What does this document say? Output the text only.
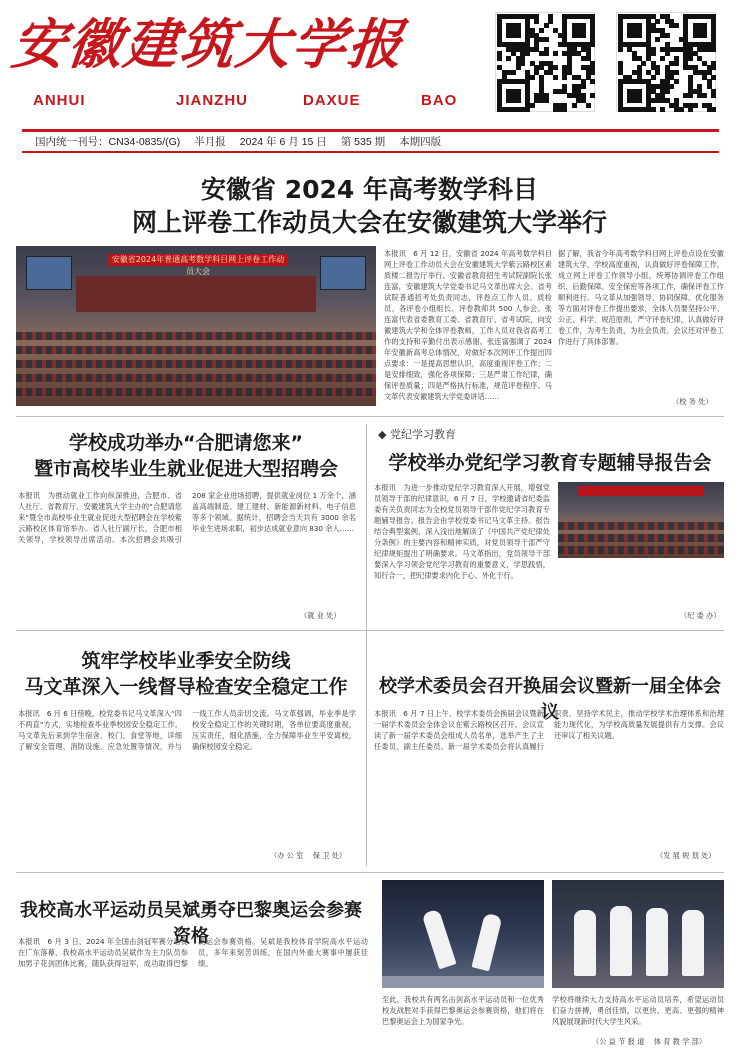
安徽建筑大学报
ANHUI	JIANZHU	DAXUE	BAO
国内统一刊号：CN34-0835/(G) 半月报 2024 年 6 月 15 日 第 535 期 本期四版
安徽省 2024 年高考数学科目
网上评卷工作动员大会在安徽建筑大学举行
安徽省2024年普通高考数学科目网上评卷工作动员大会
本报讯　6 月 12 日，安徽省 2024 年高考数学科目网上评卷工作动员大会在安徽建筑大学紫云路校区素质楼二报告厅举行。安徽省教育招生考试院副院长张连富，安徽建筑大学党委书记马文革出席大会。省考试院普通招考处负责同志，评卷点工作人员、质检员、各评卷小组组长、评卷教师共 500 人参会。张连富代表省委教育工委、省教育厅、省考试院，向安徽建筑大学和全体评卷教师，工作人员对我省高考工作的支持和辛勤付出表示感谢。张连富强调了 2024 年安徽新高考总体情况，对做好本次网评工作提出四点要求：一是提高思想认识，高度重视评卷工作；二是安排细致，强化各项保障；三是严肃工作纪律，确保评卷质量；四是严格执行标准，规范评卷程序。马文革代表安徽建筑大学党委讲话……
据了解，我省今年高考数学科目网上评卷点设在安徽建筑大学，学校高度重视，认真做好评卷保障工作，成立网上评卷工作领导小组，统筹协调评卷工作组织、后勤保障、安全保密等各项工作，确保评卷工作顺利进行。马文革从加强领导、协同保障、优化服务等方面对评卷工作提出要求，全体人员要坚持公平、公正、科学、规范原则，严守评卷纪律，认真做好评卷工作，为考生负责，为社会负责。会议还对评卷工作进行了具体部署。
（校 务 处）
学校成功举办“合肥请您来”
暨市高校毕业生就业促进大型招聘会
本报讯　为推动就业工作向纵深推进，合肥市、省人社厅、省教育厅、安徽建筑大学主办的“合肥请您来”暨全市高校毕业生就业促进大型招聘会在学校紫云路校区体育馆举办。省人社厅副厅长，合肥市相关领导，学校领导出席活动。本次招聘会共吸引 208 家企业进场招聘，提供就业岗位 1 万余个，涵盖高端制造、建工建材、新能源新材料、电子信息等多个领域。据统计，招聘会当天共有 3000 余名毕业生进场求职，初步达成就业意向 830 余人……
（就 业 处）
◆ 党纪学习教育
学校举办党纪学习教育专题辅导报告会
本报讯　为进一步推动党纪学习教育深入开展，增强党员领导干部的纪律意识，6 月 7 日，学校邀请省纪委监委有关负责同志为全校党员领导干部作党纪学习教育专题辅导报告。报告会由学校党委书记马文革主持。报告结合典型案例，深入浅出地解读了《中国共产党纪律处分条例》的主要内容和精神实质，对党员领导干部严守纪律规矩提出了明确要求。马文革指出，党员领导干部要深入学习领会党纪学习教育的重要意义，学思践悟，知行合一，把纪律要求内化于心、外化于行。
（纪 委 办）
筑牢学校毕业季安全防线
马文革深入一线督导检查安全稳定工作
本报讯　6 月 6 日傍晚，校党委书记马文革深入“四不两直”方式，实地检查毕业季校园安全稳定工作。马文革先后来到学生宿舍、校门、食堂等地，详细了解安全管理、消防设施、应急处置等情况，并与一线工作人员亲切交流。马文革强调，毕业季是学校安全稳定工作的关键时期，各单位要高度重视，压实责任，细化措施，全力保障毕业生平安离校，确保校园安全稳定。
（办 公 室　 保 卫 处）
校学术委员会召开换届会议暨新一届全体会议
本报讯　6 月 7 日上午，校学术委员会换届会议暨新一届学术委员会全体会议在紫云路校区召开。会议宣读了新一届学术委员会组成人员名单，选举产生了主任委员、副主任委员。新一届学术委员会将认真履行职责，坚持学术民主，推动学校学术治理体系和治理能力现代化，为学校高质量发展提供有力支撑。会议还审议了相关议题。
（发 展 规 划 处）
我校高水平运动员吴斌勇夺巴黎奥运会参赛资格
本报讯　6 月 3 日，2024 年全国击剑冠军赛分站赛在广东落幕，我校高水平运动员吴斌作为主力队员参加男子花剑团体比赛，随队获得冠军，成功取得巴黎奥运会参赛资格。吴斌是我校体育学院高水平运动员，多年来刻苦训练，在国内外重大赛事中屡获佳绩。
至此，我校共有两名击剑高水平运动员和一位优秀校友战胜对手获得巴黎奥运会参赛资格，他们将在巴黎奥运会上为国家争光。
学校将继续大力支持高水平运动员培养，希望运动员们奋力拼搏，勇创佳绩，以更快、更高、更强的精神风貌展现新时代大学生风采。
（公 益 节 报 道 　体 育 教 学 部）
